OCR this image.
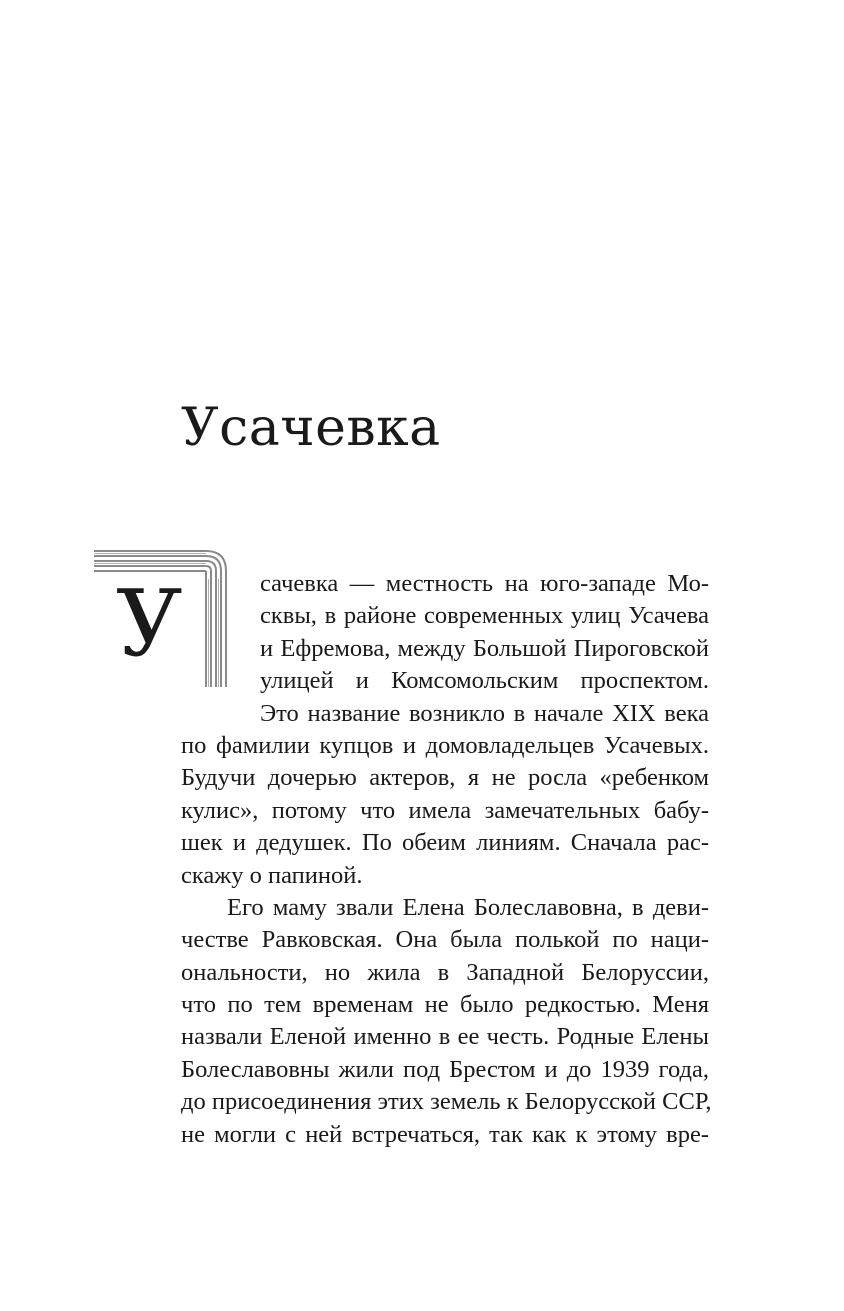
Усачевка
У	сачевка — местность на юго-западе Мо-
сквы, в районе современных улиц Усачева
и Ефремова, между Большой Пироговской
улицей и Комсомольским проспектом.
Это название возникло в начале XIX века
по фамилии купцов и домовладельцев Усачевых.
Будучи дочерью актеров, я не росла «ребенком
кулис», потому что имела замечательных бабу-
шек и дедушек. По обеим линиям. Сначала рас-
скажу о папиной.
Его маму звали Елена Болеславовна, в деви-
честве Равковская. Она была полькой по наци-
ональности, но жила в Западной Белоруссии,
что по тем временам не было редкостью. Меня
назвали Еленой именно в ее честь. Родные Елены
Болеславовны жили под Брестом и до 1939 года,
до присоединения этих земель к Белорусской ССР,
не могли с ней встречаться, так как к этому вре-
